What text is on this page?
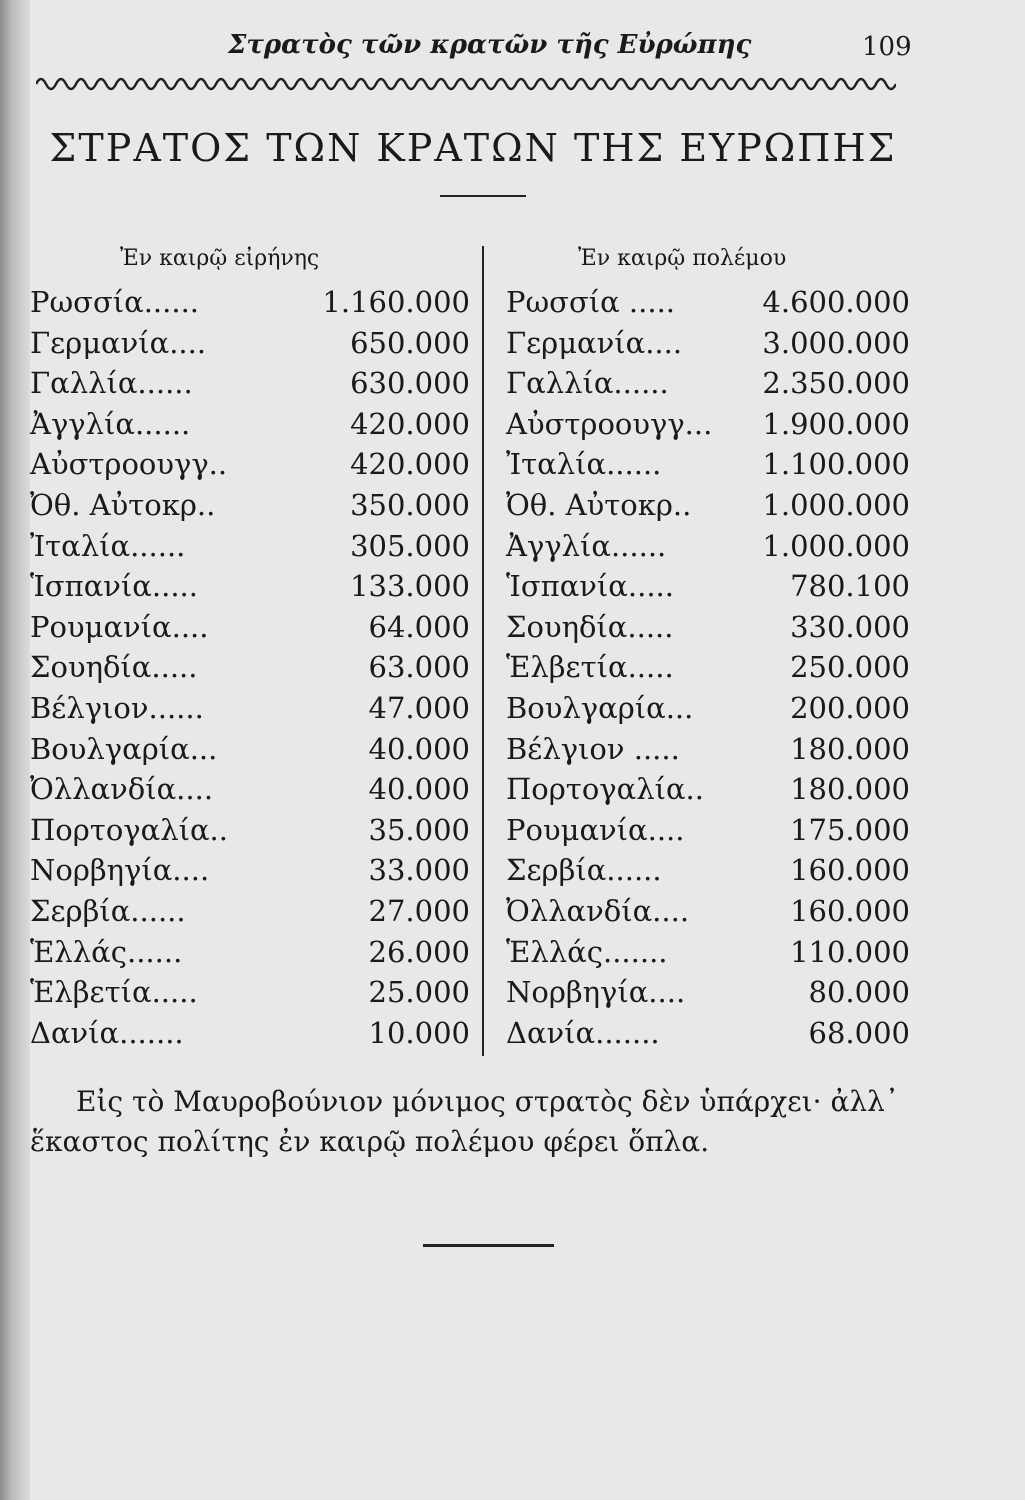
Στρατὸς τῶν κρατῶν τῆς Εὐρώπης	109
ΣΤΡΑΤΟΣ ΤΩΝ ΚΡΑΤΩΝ ΤΗΣ ΕΥΡΩΠΗΣ
Ἐν καιρῷ εἰρήνης	Ἐν καιρῷ πολέμου
Ρωσσία......	1.160.000
Γερμανία....	650.000
Γαλλία......	630.000
Ἀγγλία......	420.000
Αὐστροουγγ..	420.000
Ὀθ. Αὐτοκρ..	350.000
Ἰταλία......	305.000
Ἱσπανία.....	133.000
Ρουμανία....	64.000
Σουηδία.....	63.000
Βέλγιον......	47.000
Βουλγαρία...	40.000
Ὀλλανδία....	40.000
Πορτογαλία..	35.000
Νορβηγία....	33.000
Σερβία......	27.000
Ἑλλάς......	26.000
Ἑλβετία.....	25.000
Δανία.......	10.000
Ρωσσία .....	4.600.000
Γερμανία....	3.000.000
Γαλλία......	2.350.000
Αὐστροουγγ... 1.900.000
Ἰταλία......	1.100.000
Ὀθ. Αὐτοκρ.. 1.000.000
Ἀγγλία......	1.000.000
Ἱσπανία.....	780.100
Σουηδία.....	330.000
Ἑλβετία.....	250.000
Βουλγαρία...	200.000
Βέλγιον .....	180.000
Πορτογαλία..	180.000
Ρουμανία....	175.000
Σερβία......	160.000
Ὀλλανδία....	160.000
Ἑλλάς.......	110.000
Νορβηγία....	80.000
Δανία.......	68.000
Εἰς τὸ Μαυροβούνιον μόνιμος στρατὸς δὲν ὑπάρχει· ἀλλ᾽ ἕκαστος πολίτης ἐν καιρῷ πολέμου φέρει ὅπλα.
